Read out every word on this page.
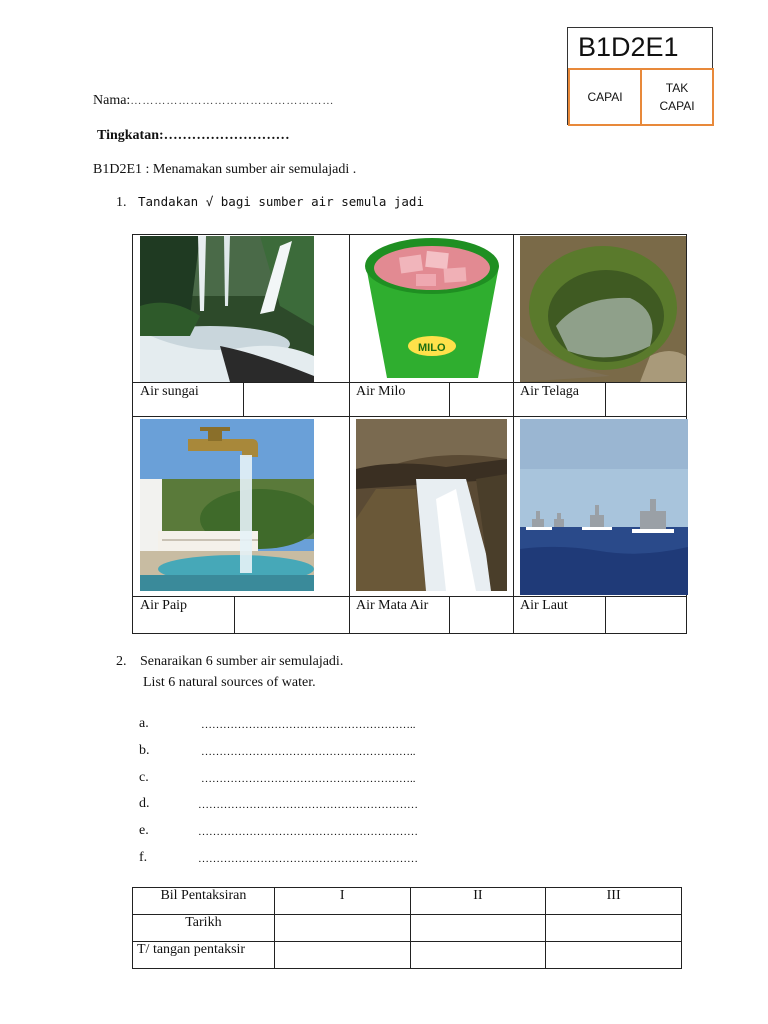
B1D2E1
CAPAI
TAK
CAPAI
Nama:……………………………………………
Tingkatan:………………………
B1D2E1 : Menamakan sumber air semulajadi .
1. Tandakan √ bagi sumber air semula jadi
MILO
Air sungai	Air Milo	Air Telaga
Air Paip	Air Mata Air	Air Laut
2. Senaraikan 6 sumber air semulajadi.
List 6 natural sources of water.
a.	…………………………………………………..
b.	…………………………………………………..
c.	…………………………………………………..
d.	……………………………………………………
e.	……………………………………………………
f.	……………………………………………………
Bil Pentaksiran	I	II	III
Tarikh			
T/ tangan pentaksir			
